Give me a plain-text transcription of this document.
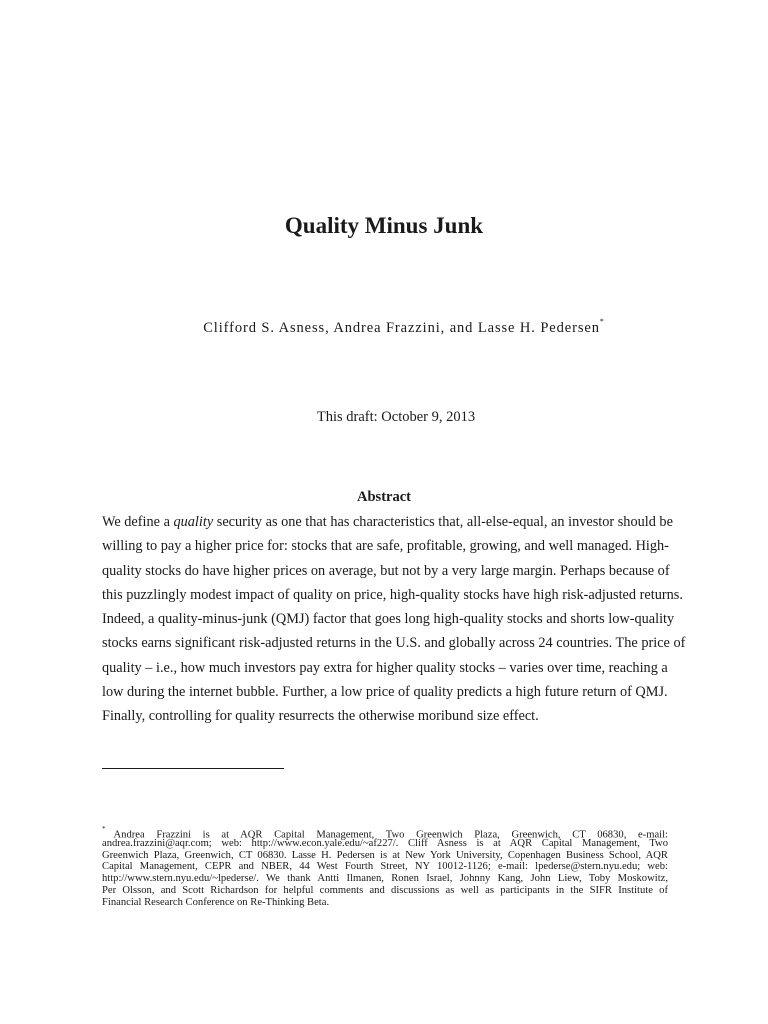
Quality Minus Junk
Clifford S. Asness, Andrea Frazzini, and Lasse H. Pedersen*
This draft: October 9, 2013
Abstract
We define a quality security as one that has characteristics that, all-else-equal, an investor should be
willing to pay a higher price for: stocks that are safe, profitable, growing, and well managed. High-
quality stocks do have higher prices on average, but not by a very large margin. Perhaps because of
this puzzlingly modest impact of quality on price, high-quality stocks have high risk-adjusted returns.
Indeed, a quality-minus-junk (QMJ) factor that goes long high-quality stocks and shorts low-quality
stocks earns significant risk-adjusted returns in the U.S. and globally across 24 countries. The price of
quality – i.e., how much investors pay extra for higher quality stocks – varies over time, reaching a
low during the internet bubble. Further, a low price of quality predicts a high future return of QMJ.
Finally, controlling for quality resurrects the otherwise moribund size effect.
*Andrea Frazzini is at AQR Capital Management, Two Greenwich Plaza, Greenwich, CT 06830, e-mail:
andrea.frazzini@aqr.com; web: http://www.econ.yale.edu/~af227/. Cliff Asness is at AQR Capital Management, Two
Greenwich Plaza, Greenwich, CT 06830. Lasse H. Pedersen is at New York University, Copenhagen Business School, AQR
Capital Management, CEPR and NBER, 44 West Fourth Street, NY 10012-1126; e-mail: lpederse@stern.nyu.edu; web:
http://www.stern.nyu.edu/~lpederse/. We thank Antti Ilmanen, Ronen Israel, Johnny Kang, John Liew, Toby Moskowitz,
Per Olsson, and Scott Richardson for helpful comments and discussions as well as participants in the SIFR Institute of
Financial Research Conference on Re-Thinking Beta.
